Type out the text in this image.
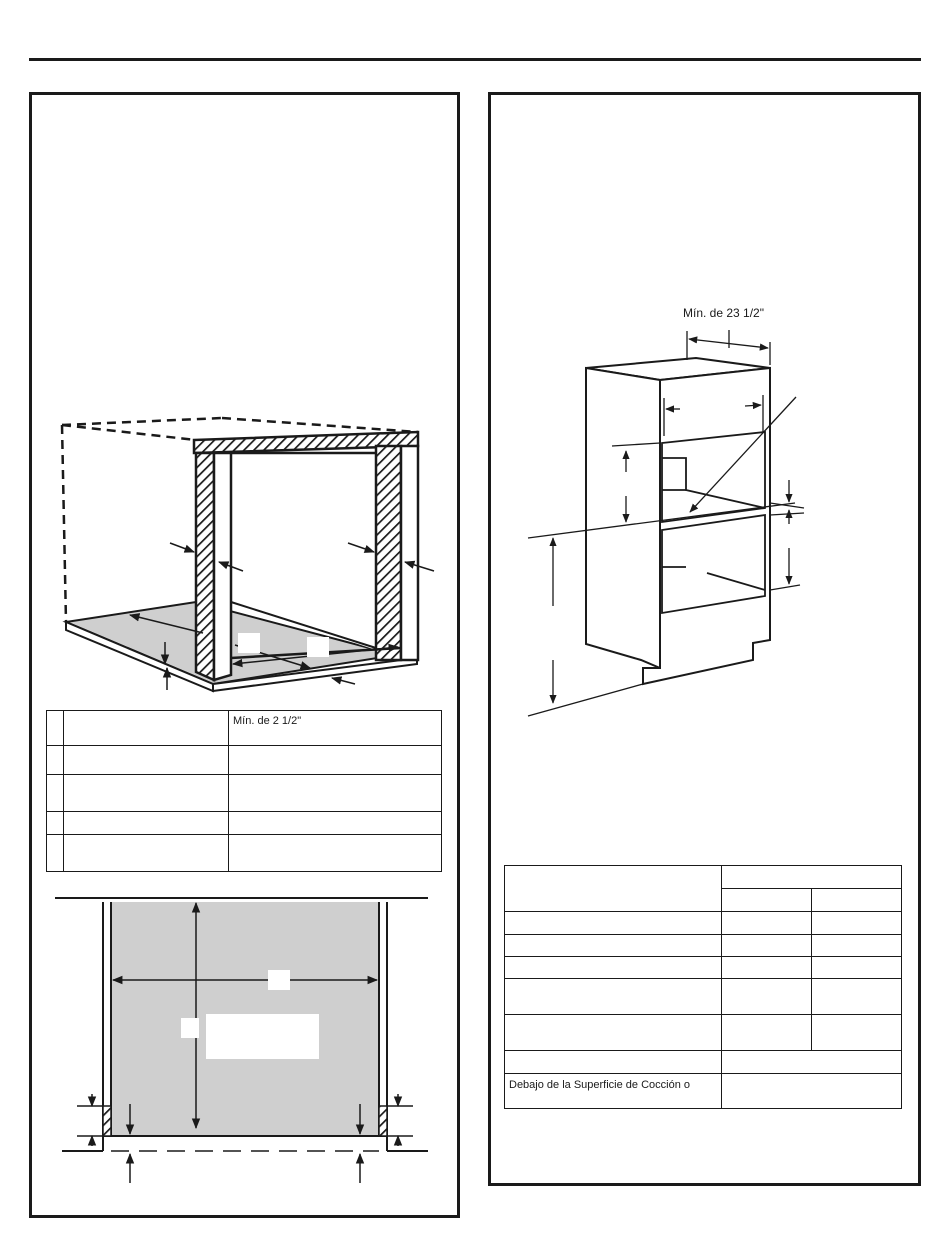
Mín. de 23 1/2"
		Mín. de 2 1/2"

Debajo de la Superficie de Cocción o		
